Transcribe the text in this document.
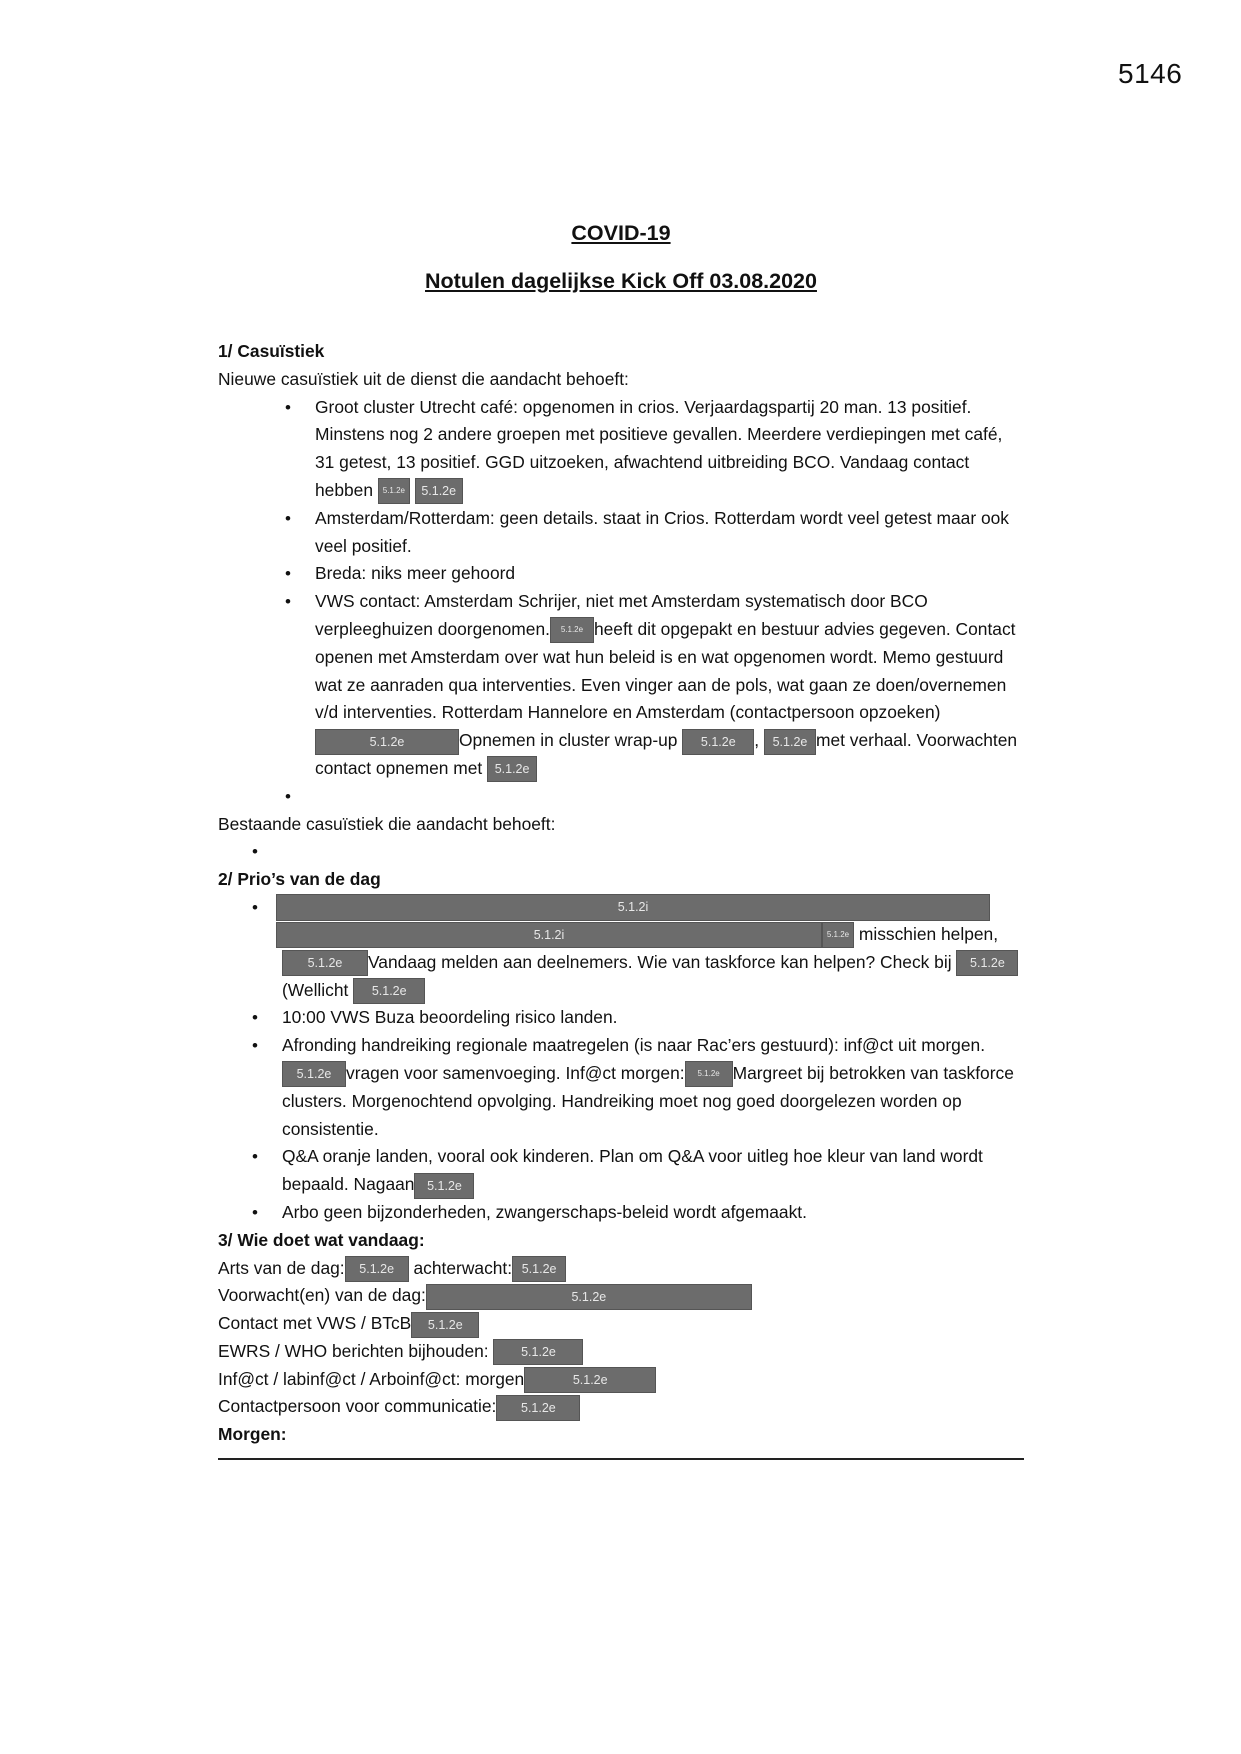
5146

COVID-19

Notulen dagelijkse Kick Off 03.08.2020

1/ Casuïstiek

Nieuwe casuïstiek uit de dienst die aandacht behoeft:

• Groot cluster Utrecht café: opgenomen in crios. Verjaardagspartij 20 man. 13 positief. Minstens nog 2 andere groepen met positieve gevallen. Meerdere verdiepingen met café, 31 getest, 13 positief. GGD uitzoeken, afwachtend uitbreiding BCO. Vandaag contact hebben 5.1.2e 5.1.2e
• Amsterdam/Rotterdam: geen details. staat in Crios. Rotterdam wordt veel getest maar ook veel positief.
• Breda: niks meer gehoord
• VWS contact: Amsterdam Schrijer, niet met Amsterdam systematisch door BCO verpleeghuizen doorgenomen. 5.1.2e heeft dit opgepakt en bestuur advies gegeven. Contact openen met Amsterdam over wat hun beleid is en wat opgenomen wordt. Memo gestuurd wat ze aanraden qua interventies. Even vinger aan de pols, wat gaan ze doen/overnemen v/d interventies. Rotterdam Hannelore en Amsterdam (contactpersoon opzoeken)5.1.2e	Opnemen in cluster wrap-up 5.1.2e , 5.1.2e met verhaal. Voorwachten contact opnemen met 5.1.2e
•

Bestaande casuïstiek die aandacht behoeft:

•

2/ Prio’s van de dag

• 5.1.2i
5.1.2i	5.1.2e misschien helpen,5.1.2e Vandaag melden aan deelnemers. Wie van taskforce kan helpen? Check bij 5.1.2e(Wellicht 5.1.2e
• 10:00 VWS Buza beoordeling risico landen.
• Afronding handreiking regionale maatregelen (is naar Rac’ers gestuurd): inf@ct uit morgen. 5.1.2e vragen voor samenvoeging. Inf@ct morgen: 5.1.2e Margreet bij betrokken van taskforce clusters. Morgenochtend opvolging. Handreiking moet nog goed doorgelezen worden op consistentie.
• Q&A oranje landen, vooral ook kinderen. Plan om Q&A voor uitleg hoe kleur van land wordt bepaald. Nagaan 5.1.2e
• Arbo geen bijzonderheden, zwangerschaps-beleid wordt afgemaakt.

3/ Wie doet wat vandaag:

Arts van de dag: 5.1.2e achterwacht: 5.1.2e
Voorwacht(en) van de dag:	5.1.2e
Contact met VWS / BTcB 5.1.2e
EWRS / WHO berichten bijhouden:	5.1.2e
Inf@ct / labinf@ct / Arboinf@ct: morgen	5.1.2e
Contactpersoon voor communicatie: 5.1.2e

Morgen:
